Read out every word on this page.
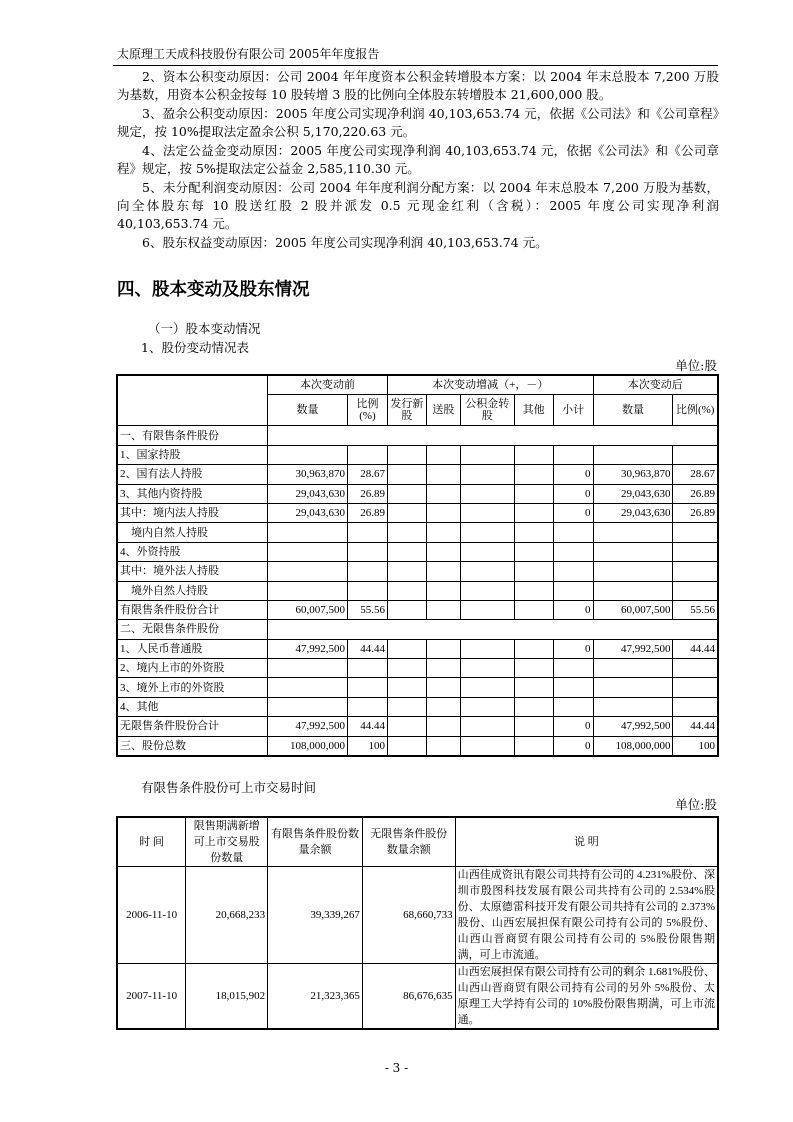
太原理工天成科技股份有限公司 2005年年度报告

2、资本公积变动原因：公司 2004 年年度资本公积金转增股本方案：以 2004 年末总股本 7,200 万股为基数，用资本公积金按每 10 股转增 3 股的比例向全体股东转增股本 21,600,000 股。

3、盈余公积变动原因：2005 年度公司实现净利润 40,103,653.74 元，依据《公司法》和《公司章程》规定，按 10%提取法定盈余公积 5,170,220.63 元。

4、法定公益金变动原因：2005 年度公司实现净利润 40,103,653.74 元，依据《公司法》和《公司章程》规定，按 5%提取法定公益金 2,585,110.30 元。

5、未分配利润变动原因：公司 2004 年年度利润分配方案：以 2004 年末总股本 7,200 万股为基数，向全体股东每 10 股送红股 2 股并派发 0.5 元现金红利（含税）：2005 年度公司实现净利润 40,103,653.74 元。

6、股东权益变动原因：2005 年度公司实现净利润 40,103,653.74 元。

四、股本变动及股东情况
（一）股本变动情况
1、股份变动情况表
单位:股
	本次变动前		本次变动增减（+，－）					本次变动后	
	数量	比例(%)	发行新股	送股	公积金转股	其他	小计	数量	比例(%)
一、有限售条件股份									
1、国家持股									
2、国有法人持股	30,963,870	28.67					0	30,963,870	28.67
3、其他内资持股	29,043,630	26.89					0	29,043,630	26.89
其中：境内法人持股	29,043,630	26.89					0	29,043,630	26.89
　境内自然人持股									
4、外资持股									
其中：境外法人持股									
　境外自然人持股									
有限售条件股份合计	60,007,500	55.56					0	60,007,500	55.56
二、无限售条件股份									
1、人民币普通股	47,992,500	44.44					0	47,992,500	44.44
2、境内上市的外资股									
3、境外上市的外资股									
4、其他									
无限售条件股份合计	47,992,500	44.44					0	47,992,500	44.44
三、股份总数	108,000,000	100					0	108,000,000	100
有限售条件股份可上市交易时间
单位:股
时 间	限售期满新增可上市交易股份数量	有限售条件股份数量余额	无限售条件股份数量余额	说 明
2006-11-10	20,668,233	39,339,267	68,660,733	山西佳成资讯有限公司共持有公司的 4.231%股份、深圳市殷图科技发展有限公司共持有公司的 2.534%股份、太原德雷科技开发有限公司共持有公司的 2.373%股份、山西宏展担保有限公司持有公司的 5%股份、山西山晋商贸有限公司持有公司的 5%股份限售期满，可上市流通。
2007-11-10	18,015,902	21,323,365	86,676,635	山西宏展担保有限公司持有公司的剩余 1.681%股份、山西山晋商贸有限公司持有公司的另外 5%股份、太原理工大学持有公司的 10%股份限售期满，可上市流通。
- 3 -
